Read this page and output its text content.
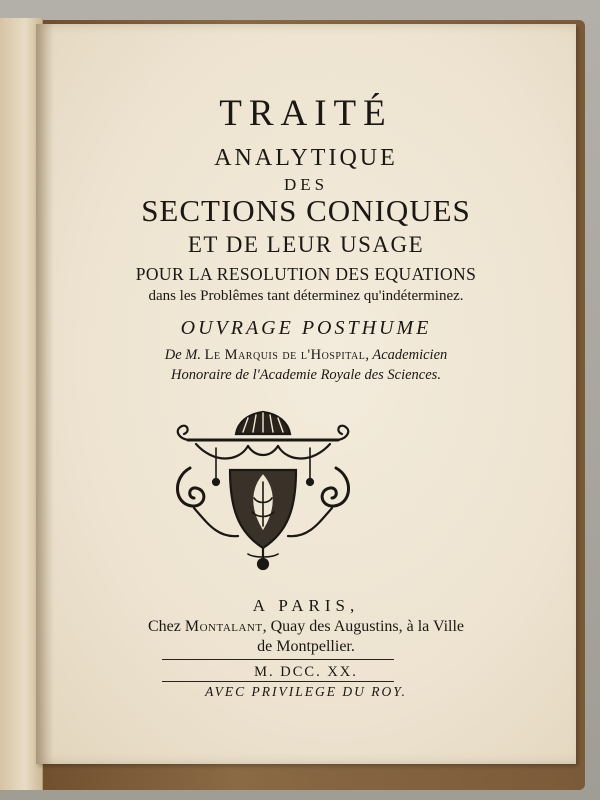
TRAITÉ
ANALYTIQUE
DES
SECTIONS CONIQUES
ET DE LEUR USAGE
POUR LA RESOLUTION DES EQUATIONS
dans les Problêmes tant déterminez qu'indéterminez.
OUVRAGE POSTHUME
De M. Le Marquis de l'Hospital, Academicien
Honoraire de l'Academie Royale des Sciences.
A PARIS,
Chez Montalant, Quay des Augustins, à la Ville
de Montpellier.
M. DCC. XX.
AVEC PRIVILEGE DU ROY.
